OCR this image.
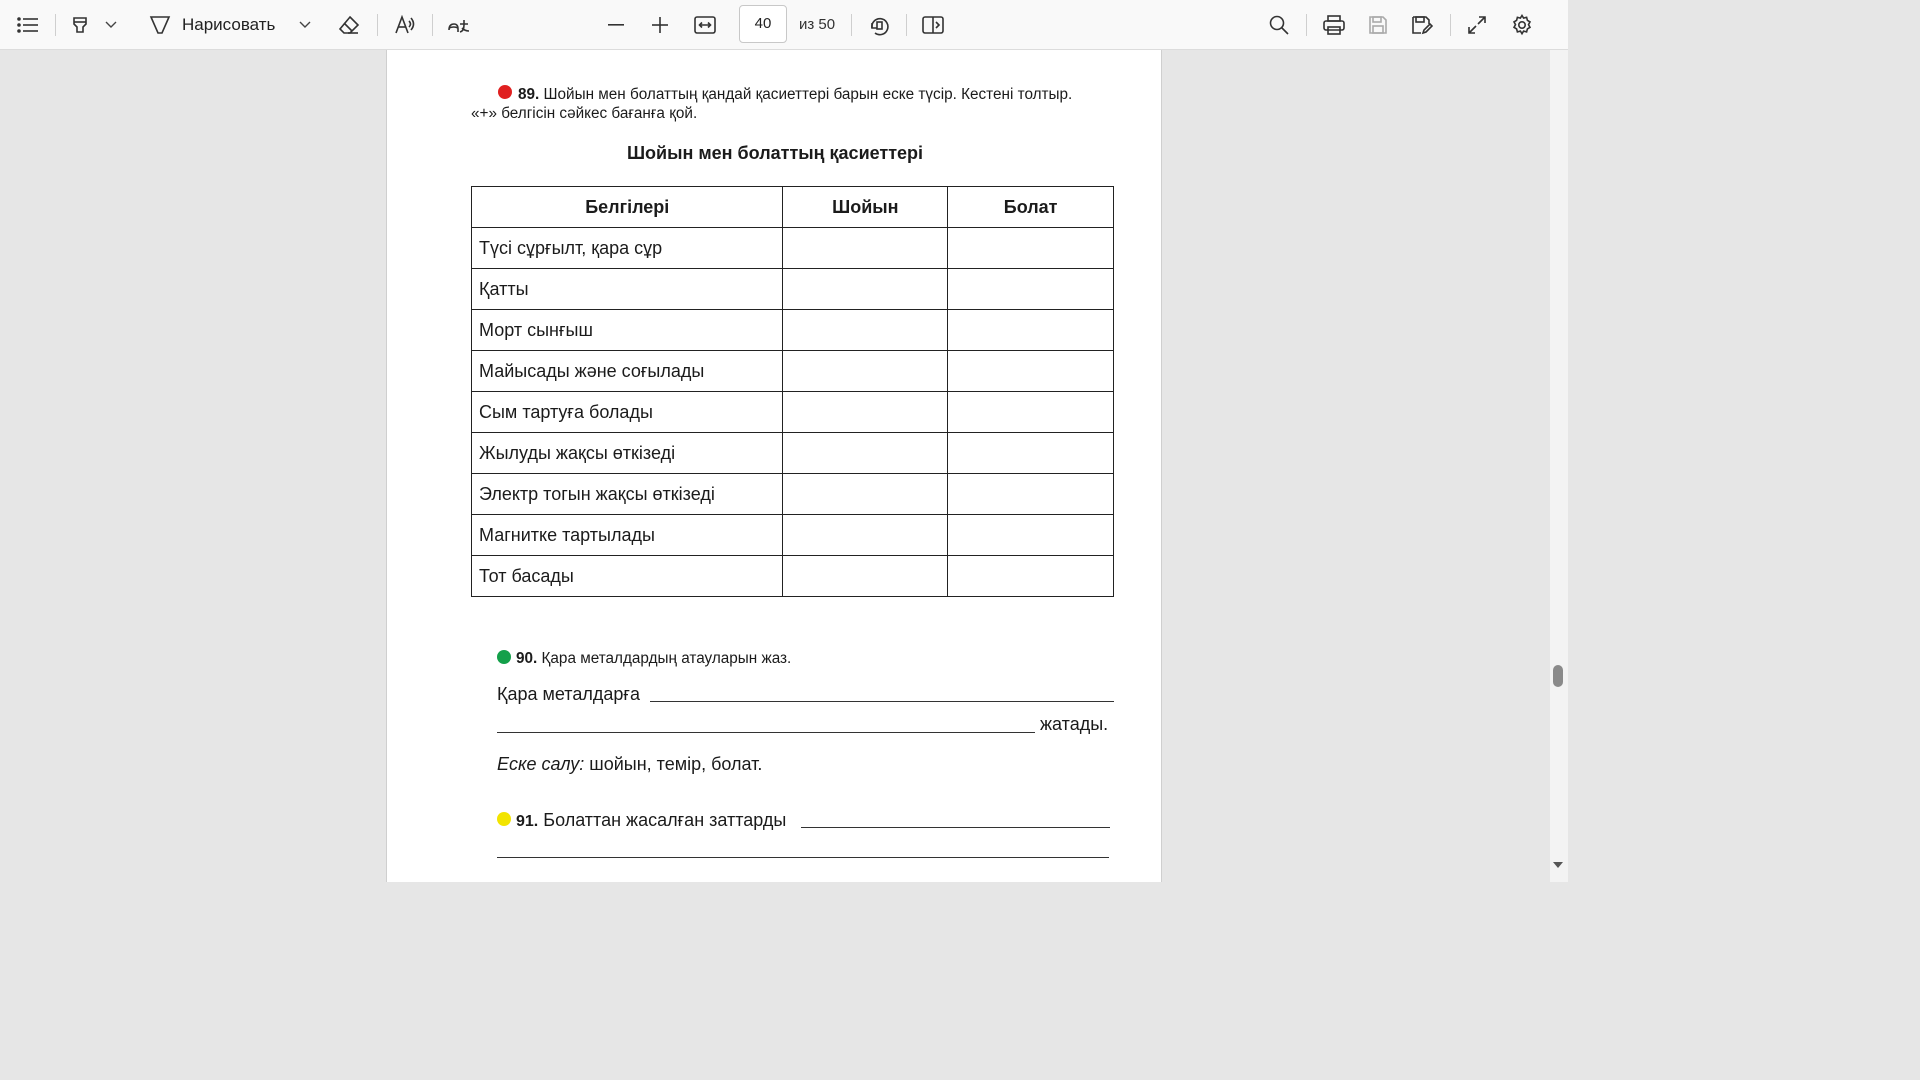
Нарисовать	40	из 50
89. Шойын мен болаттың қандай қасиеттері барын еске түсір. Кестені толтыр.
«+» белгісін сәйкес бағанға қой.
Шойын мен болаттың қасиеттері
Белгілері	Шойын	Болат
Түсі сұрғылт, қара сұр		
Қатты		
Морт сынғыш		
Майысады және соғылады		
Сым тартуға болады		
Жылуды жақсы өткізеді		
Электр тогын жақсы өткізеді		
Магнитке тартылады		
Тот басады		
90. Қара металдардың атауларын жаз.
Қара металдарға
жатады.
Еске салу: шойын, темір, болат.
91. Болаттан жасалған заттарды
